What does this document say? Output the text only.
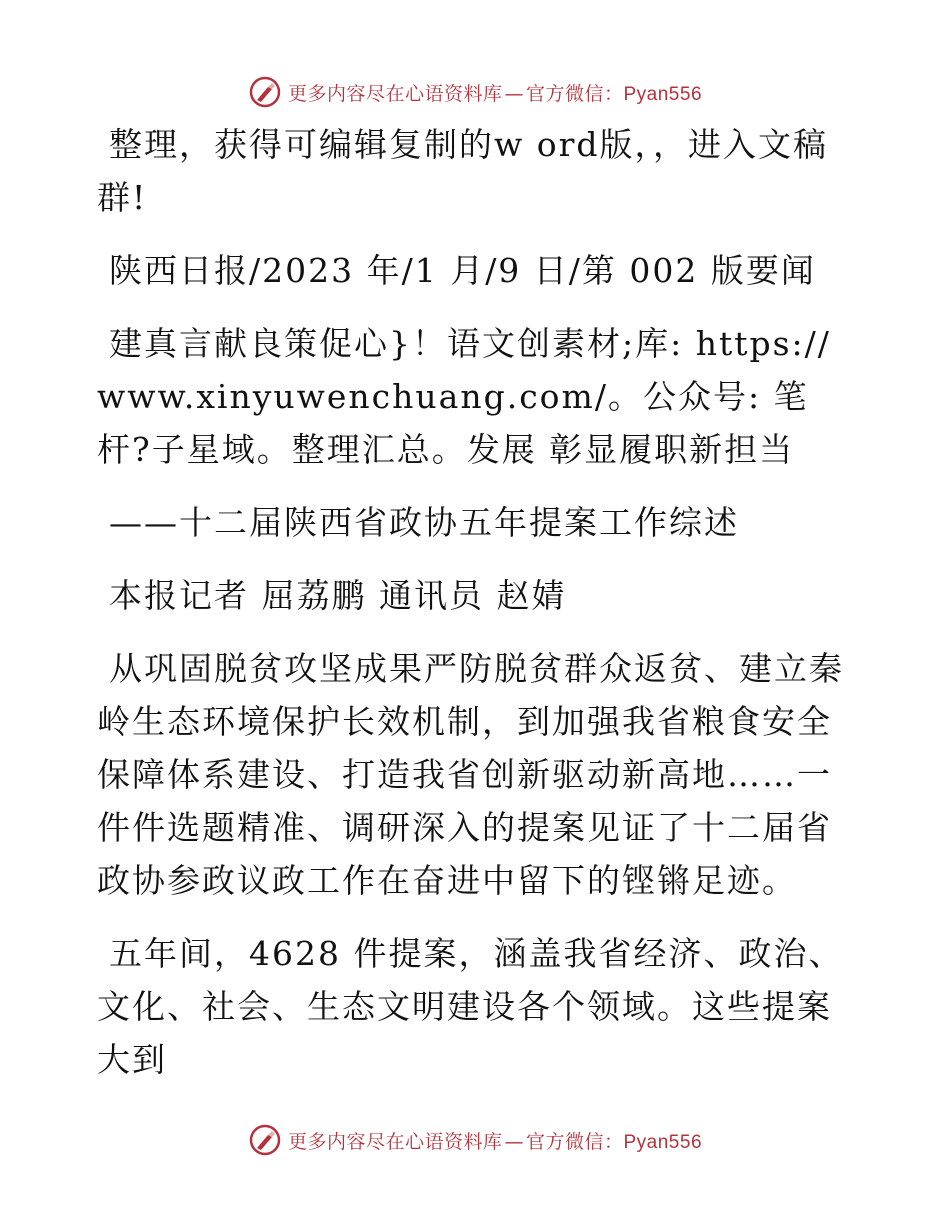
更多内容尽在心语资料库 — 官方微信：Pyan556

整理，获得可编辑复制的w ord版，，进入文稿群!

陕西日报/2023 年/1 月/9 日/第 002 版要闻

建真言献良策促心}！语文创素材;库: https://www.xinyuwenchuang.com/。公众号: 笔杆?子星域。整理汇总。发展 彰显履职新担当

——十二届陕西省政协五年提案工作综述

本报记者 屈荔鹏 通讯员 赵婧

从巩固脱贫攻坚成果严防脱贫群众返贫、建立秦岭生态环境保护长效机制，到加强我省粮食安全保障体系建设、打造我省创新驱动新高地……一件件选题精准、调研深入的提案见证了十二届省政协参政议政工作在奋进中留下的铿锵足迹。

五年间，4628 件提案，涵盖我省经济、政治、文化、社会、生态文明建设各个领域。这些提案大到

更多内容尽在心语资料库 — 官方微信：Pyan556
